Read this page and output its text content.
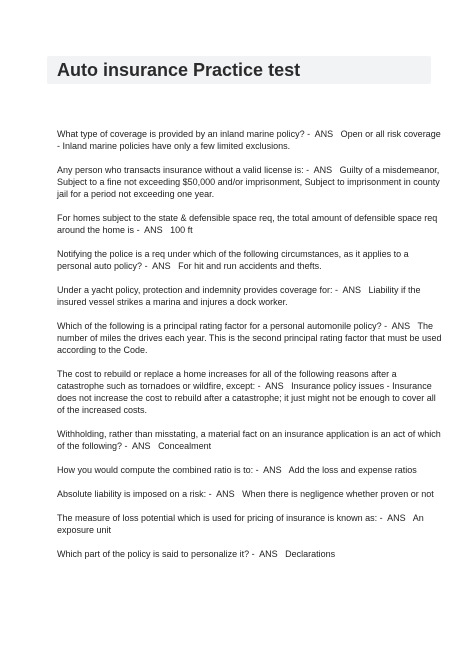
Auto insurance Practice test

What type of coverage is provided by an inland marine policy? -  ANS   Open or all risk coverage - Inland marine policies have only a few limited exclusions.

Any person who transacts insurance without a valid license is: -  ANS   Guilty of a misdemeanor, Subject to a fine not exceeding $50,000 and/or imprisonment, Subject to imprisonment in county jail for a period not exceeding one year.

For homes subject to the state & defensible space req, the total amount of defensible space req around the home is -  ANS   100 ft

Notifying the police is a req under which of the following circumstances, as it applies to a personal auto policy? -  ANS   For hit and run accidents and thefts.

Under a yacht policy, protection and indemnity provides coverage for: -  ANS   Liability if the insured vessel strikes a marina and injures a dock worker.

Which of the following is a principal rating factor for a personal automonile policy? -  ANS   The number of miles the drives each year. This is the second principal rating factor that must be used according to the Code.

The cost to rebuild or replace a home increases for all of the following reasons after a catastrophe such as tornadoes or wildfire, except: -  ANS   Insurance policy issues - Insurance does not increase the cost to rebuild after a catastrophe; it just might not be enough to cover all of the increased costs.

Withholding, rather than misstating, a material fact on an insurance application is an act of which of the following? -  ANS   Concealment

How you would compute the combined ratio is to: -  ANS   Add the loss and expense ratios

Absolute liability is imposed on a risk: -  ANS   When there is negligence whether proven or not

The measure of loss potential which is used for pricing of insurance is known as: -  ANS   An exposure unit

Which part of the policy is said to personalize it? -  ANS   Declarations
